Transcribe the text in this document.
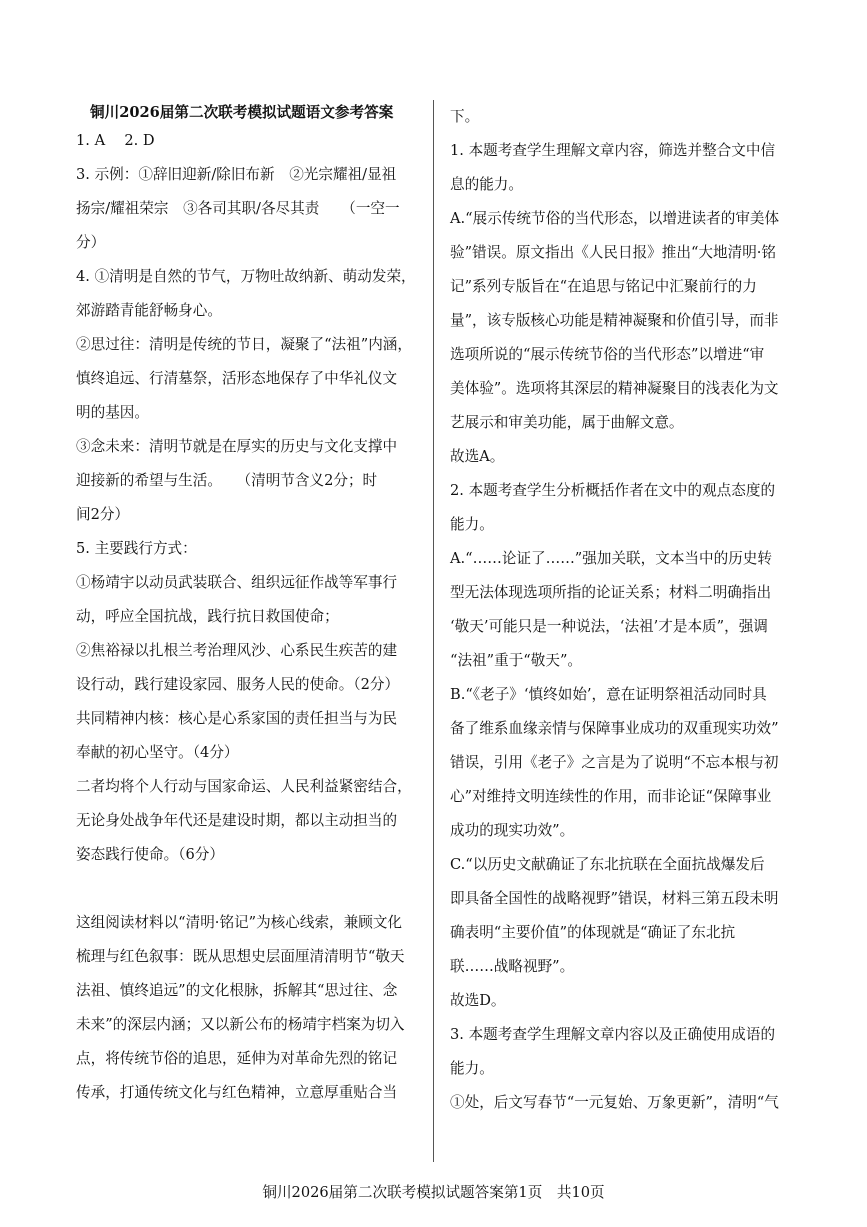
铜川2026届第二次联考模拟试题语文参考答案
1. A　 2. D
3. 示例：①辞旧迎新/除旧布新　②光宗耀祖/显祖
扬宗/耀祖荣宗　③各司其职/各尽其责　　（一空一
分）
4. ①清明是自然的节气，万物吐故纳新、萌动发荣，
郊游踏青能舒畅身心。
②思过往：清明是传统的节日，凝聚了“法祖”内涵，
慎终追远、行清墓祭，活形态地保存了中华礼仪文
明的基因。
③念未来：清明节就是在厚实的历史与文化支撑中
迎接新的希望与生活。　　（清明节含义2分；时
间2分）
5. 主要践行方式：
①杨靖宇以动员武装联合、组织远征作战等军事行
动，呼应全国抗战，践行抗日救国使命；
②焦裕禄以扎根兰考治理风沙、心系民生疾苦的建
设行动，践行建设家园、服务人民的使命。（2分）
共同精神内核：核心是心系家国的责任担当与为民
奉献的初心坚守。（4分）
二者均将个人行动与国家命运、人民利益紧密结合，
无论身处战争年代还是建设时期，都以主动担当的
姿态践行使命。（6分）
这组阅读材料以“清明·铭记”为核心线索，兼顾文化
梳理与红色叙事：既从思想史层面厘清清明节“敬天
法祖、慎终追远”的文化根脉，拆解其“思过往、念
未来”的深层内涵；又以新公布的杨靖宇档案为切入
点，将传统节俗的追思，延伸为对革命先烈的铭记
传承，打通传统文化与红色精神，立意厚重贴合当
下。
1. 本题考查学生理解文章内容，筛选并整合文中信
息的能力。
A.“展示传统节俗的当代形态，以增进读者的审美体
验”错误。原文指出《人民日报》推出“大地清明·铭
记”系列专版旨在“在追思与铭记中汇聚前行的力
量”，该专版核心功能是精神凝聚和价值引导，而非
选项所说的“展示传统节俗的当代形态”以增进“审
美体验”。选项将其深层的精神凝聚目的浅表化为文
艺展示和审美功能，属于曲解文意。
故选A。
2. 本题考查学生分析概括作者在文中的观点态度的
能力。
A.“……论证了……”强加关联，文本当中的历史转
型无法体现选项所指的论证关系；材料二明确指出
‘敬天’可能只是一种说法，‘法祖’才是本质”，强调
“法祖”重于“敬天”。
B.“《老子》‘慎终如始’，意在证明祭祖活动同时具
备了维系血缘亲情与保障事业成功的双重现实功效”
错误，引用《老子》之言是为了说明“不忘本根与初
心”对维持文明连续性的作用，而非论证“保障事业
成功的现实功效”。
C.“以历史文献确证了东北抗联在全面抗战爆发后
即具备全国性的战略视野”错误，材料三第五段未明
确表明“主要价值”的体现就是“确证了东北抗
联……战略视野”。
故选D。
3. 本题考查学生理解文章内容以及正确使用成语的
能力。
①处，后文写春节“一元复始、万象更新”，清明“气
铜川2026届第二次联考模拟试题答案第1页　共10页
